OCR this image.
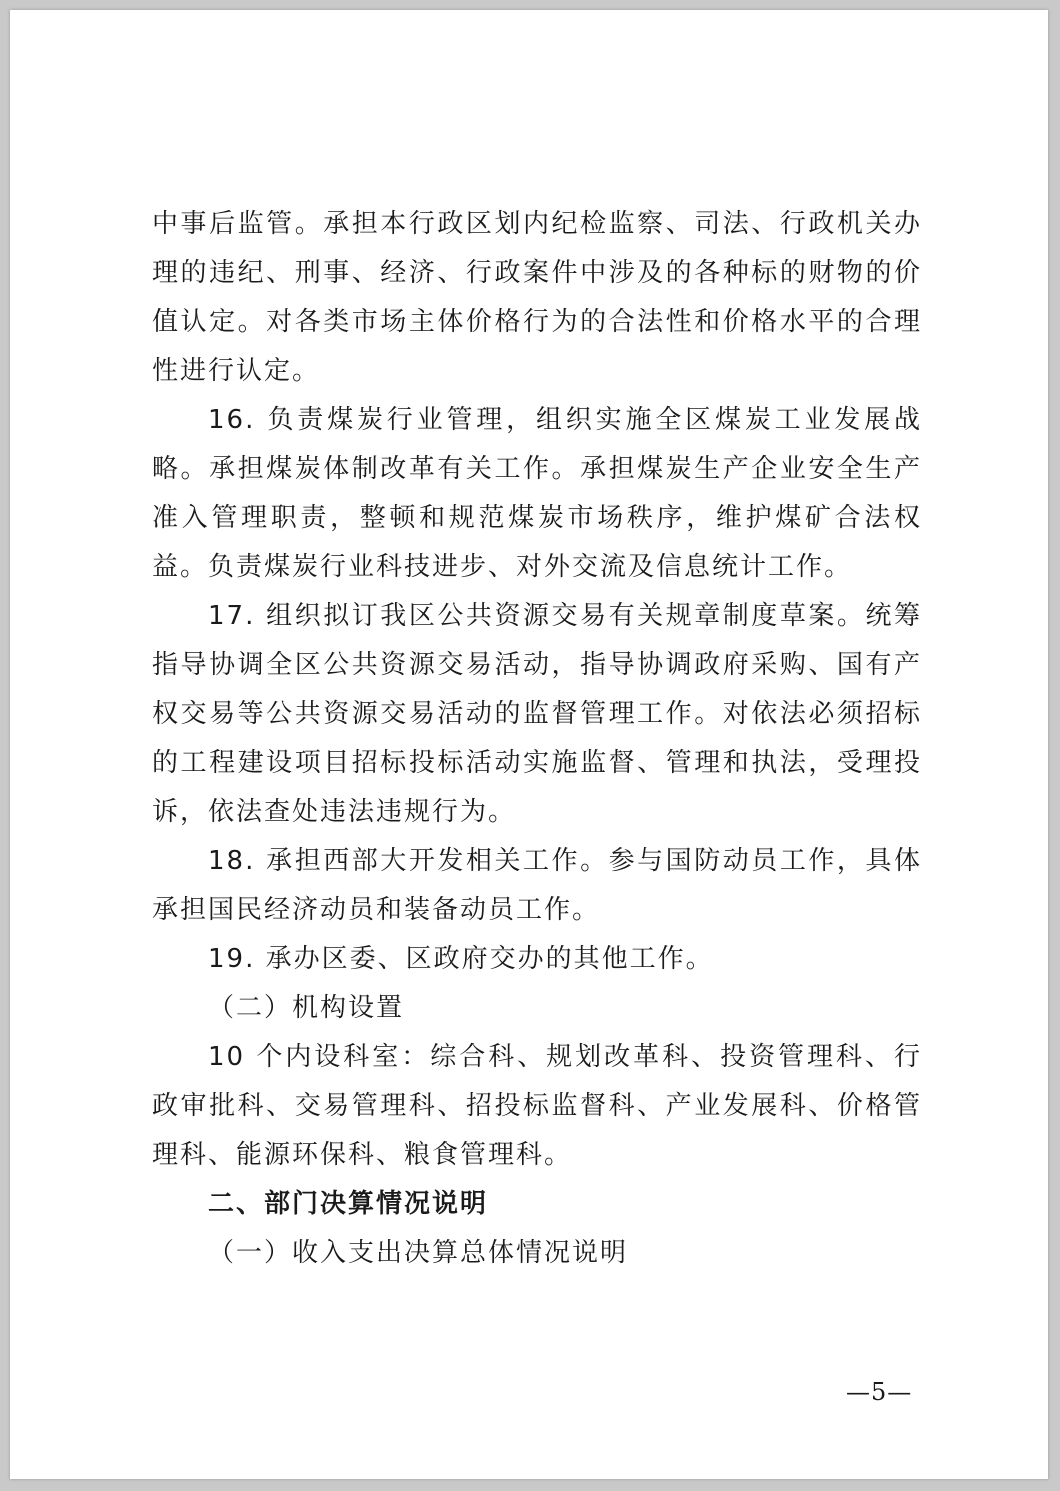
中事后监管。承担本行政区划内纪检监察、司法、行政机关办理的违纪、刑事、经济、行政案件中涉及的各种标的财物的价值认定。对各类市场主体价格行为的合法性和价格水平的合理性进行认定。

16. 负责煤炭行业管理，组织实施全区煤炭工业发展战略。承担煤炭体制改革有关工作。承担煤炭生产企业安全生产准入管理职责，整顿和规范煤炭市场秩序，维护煤矿合法权益。负责煤炭行业科技进步、对外交流及信息统计工作。

17. 组织拟订我区公共资源交易有关规章制度草案。统筹指导协调全区公共资源交易活动，指导协调政府采购、国有产权交易等公共资源交易活动的监督管理工作。对依法必须招标的工程建设项目招标投标活动实施监督、管理和执法，受理投诉，依法查处违法违规行为。

18. 承担西部大开发相关工作。参与国防动员工作，具体承担国民经济动员和装备动员工作。

19. 承办区委、区政府交办的其他工作。

（二）机构设置

10 个内设科室：综合科、规划改革科、投资管理科、行政审批科、交易管理科、招投标监督科、产业发展科、价格管理科、能源环保科、粮食管理科。

二、部门决算情况说明

（一）收入支出决算总体情况说明

—5—
